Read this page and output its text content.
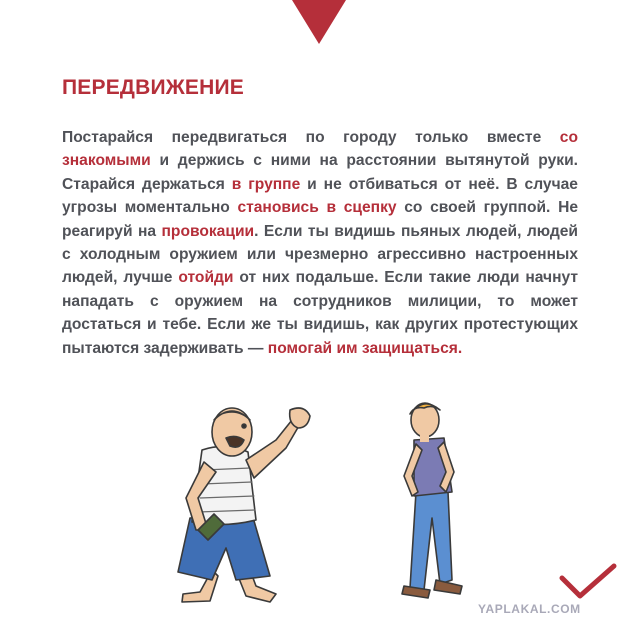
ПЕРЕДВИЖЕНИЕ

Постарайся передвигаться по городу только вместе со знакомыми и держись с ними на расстоянии вытянутой руки. Старайся держаться в группе и не отбиваться от неё. В случае угрозы моментально становись в сцепку со своей группой. Не реагируй на провокации. Если ты видишь пьяных людей, людей с холодным оружием или чрезмерно агрессивно настроенных людей, лучше отойди от них подальше. Если такие люди начнут нападать с оружием на сотрудников милиции, то может достаться и тебе. Если же ты видишь, как других протестующих пытаются задерживать — помогай им защищаться.

YAPLAKAL.COM
